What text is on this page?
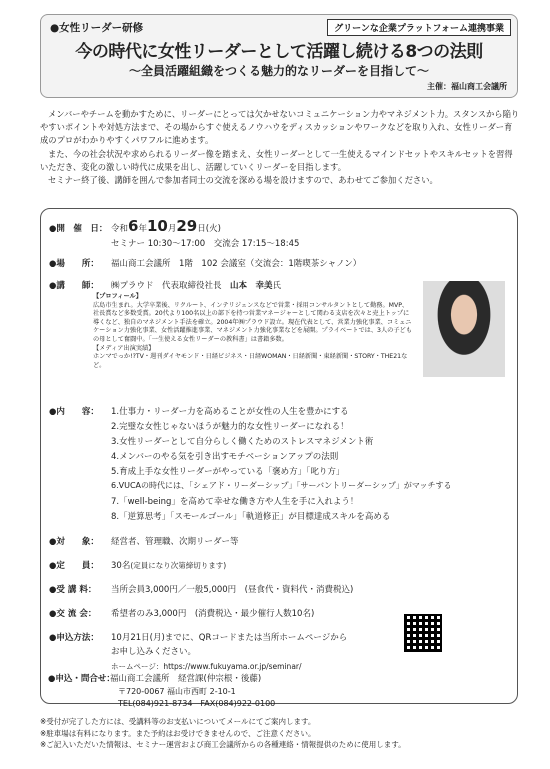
●女性リーダー研修	グリーンな企業プラットフォーム連携事業
今の時代に女性リーダーとして活躍し続ける8つの法則
〜全員活躍組織をつくる魅力的なリーダーを目指して〜
主催：福山商工会議所

メンバーやチームを動かすために、リーダーにとっては欠かせないコミュニケーション力やマネジメント力。スタンスから陥りやすいポイントや対処方法まで、その場からすぐ使えるノウハウをディスカッションやワークなどを取り入れ、女性リーダー育成のプロがわかりやすくパワフルに進めます。

また、今の社会状況や求められるリーダー像を踏まえ、女性リーダーとして一生使えるマインドセットやスキルセットを習得いただき、変化の激しい時代に成果を出し、活躍していくリーダーを目指します。

セミナー終了後、講師を囲んで参加者同士の交流を深める場を設けますので、あわせてご参加ください。

●開　催　日： 令和6年10月29日(火)
セミナー 10:30〜17:00　交流会 17:15〜18:45
●場　　所： 福山商工会議所　1階　102 会議室（交流会：1階喫茶シャノン）
●講　　師： ㈱プラウド　代表取締役社長　 山本　幸美氏
【プロフィール】
広島市生まれ。大学卒業後、リクルート、インテリジェンスなどで営業・採用コンサルタントとして勤務。MVP、社長賞など多数受賞。20代より100名以上の部下を持つ営業マネージャーとして関わる支店を次々と売上トップに導くなど、独自のマネジメント手法を確立。2004年㈱プラウド設立。現在代表として、営業力強化事業、コミュニケーション力強化事業、女性活躍推進事業、マネジメント力強化事業などを展開。プライベートでは、3人の子どもの母として奮闘中。「一生使える女性リーダーの教科書」は書籍多数。
【メディア出演実績】
ホンマでっか!?TV・週刊ダイヤモンド・日経ビジネス・日経WOMAN・日経新聞・東経新聞・STORY・THE21など。
●内　　容： 1.仕事力・リーダー力を高めることが女性の人生を豊かにする
2.完璧な女性じゃないほうが魅力的な女性リーダーになれる！
3.女性リーダーとして自分らしく働くためのストレスマネジメント術
4.メンバーのやる気を引き出すモチベーションアップの法則
5.育成上手な女性リーダーがやっている「褒め方」「叱り方」
6.VUCAの時代には、「シェアド・リーダーシップ」「サーバントリーダーシップ」がマッチする
7.「well-being」を高めて幸せな働き方や人生を手に入れよう！
8.「逆算思考」「スモールゴール」「軌道修正」が目標達成スキルを高める
●対　　象： 経営者、管理職、次期リーダー等
●定　　員： 30名(定員になり次第締切ります)
●受 講 料： 当所会員3,000円／一般5,000円　(昼食代・資料代・消費税込)
●交 流 会： 希望者のみ3,000円　(消費税込・最少催行人数10名)
●申込方法： 10月21日(月)までに、QRコードまたは当所ホームページから
お申し込みください。
ホームページ：https://www.fukuyama.or.jp/seminar/
●申込・問合せ：福山商工会議所　経営課(仲宗根・後藤)
〒720-0067 福山市西町 2-10-1
TEL(084)921-8734　FAX(084)922-0100
※受付が完了した方には、受講料等のお支払いについてメールにてご案内します。
※駐車場は有料になります。また予約はお受けできませんので、ご注意ください。
※ご記入いただいた情報は、セミナー運営および商工会議所からの各種連絡・情報提供のために使用します。
